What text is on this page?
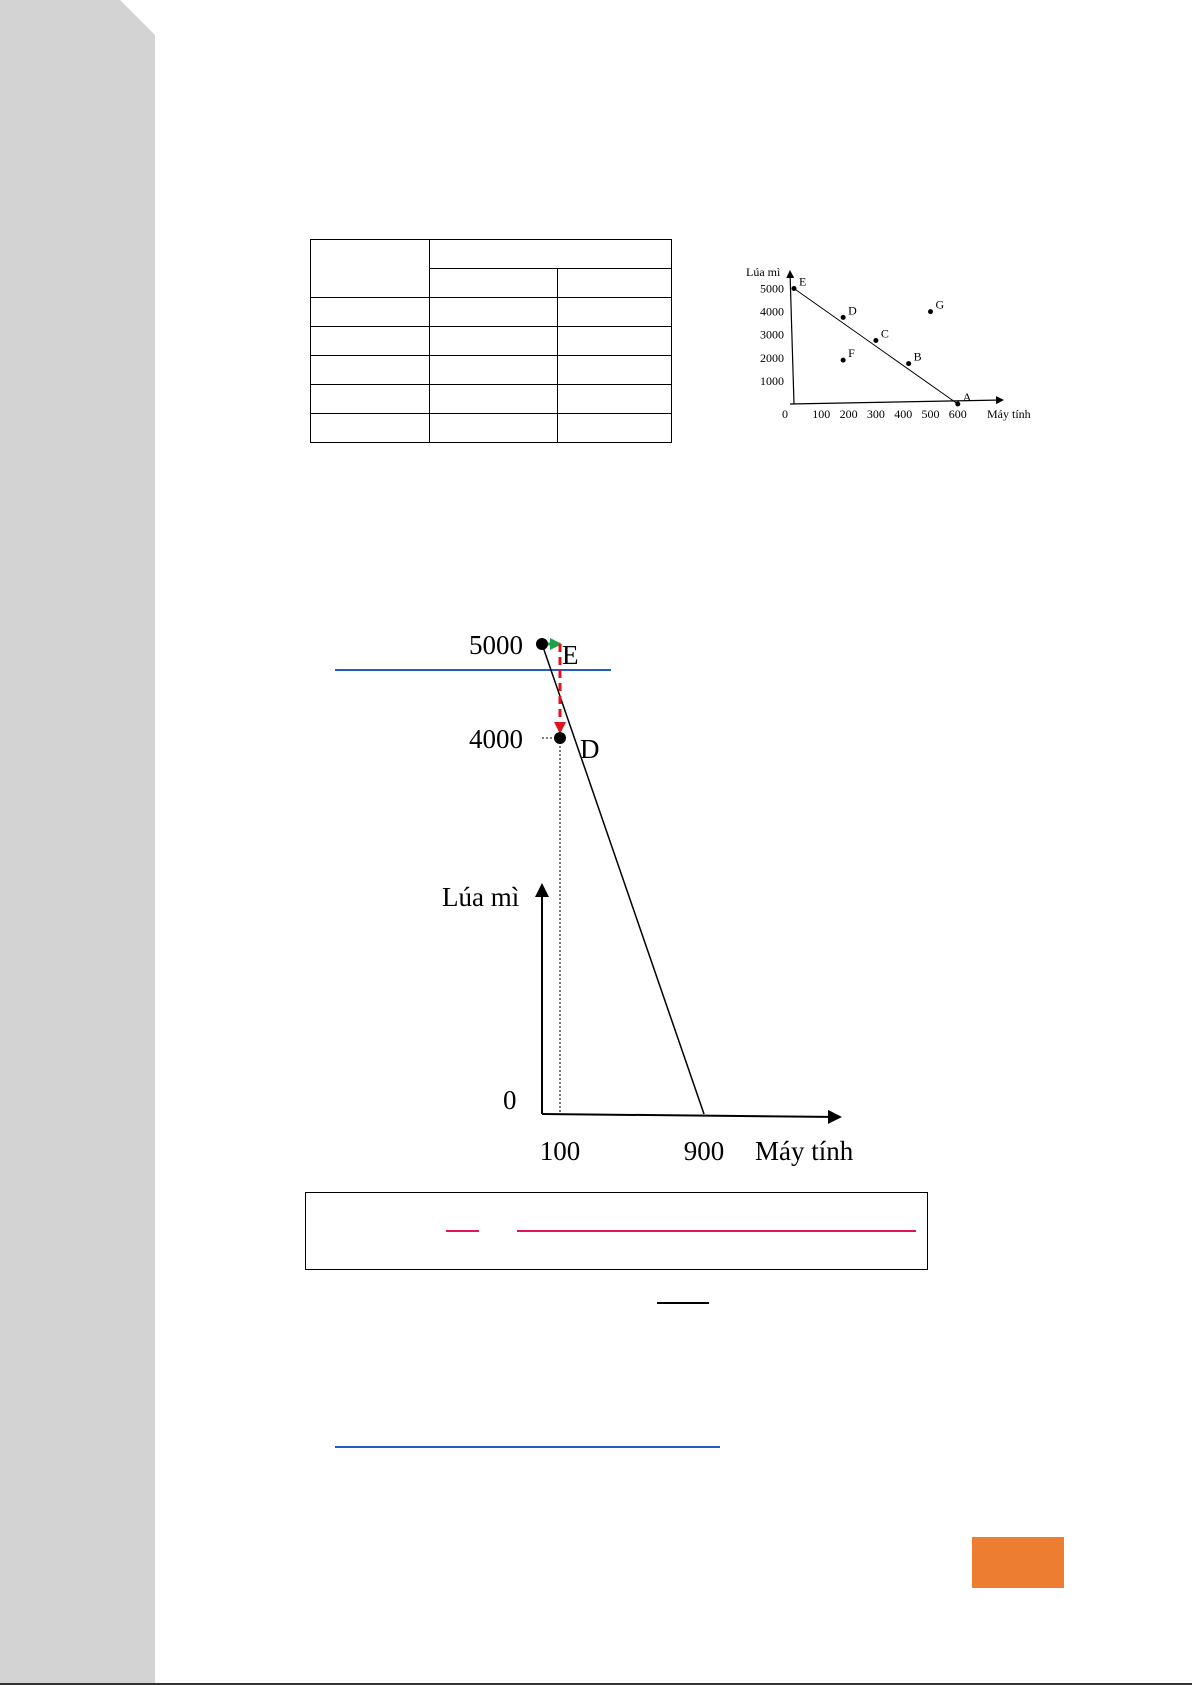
100 200 300 400 500 600
1000
2000
3000
4000
5000 E
D
C
B
A
F
G
Lúa mì
Máy tính
0
100	900
4000
5000 E
D
Lúa mì
Máy tính
0
